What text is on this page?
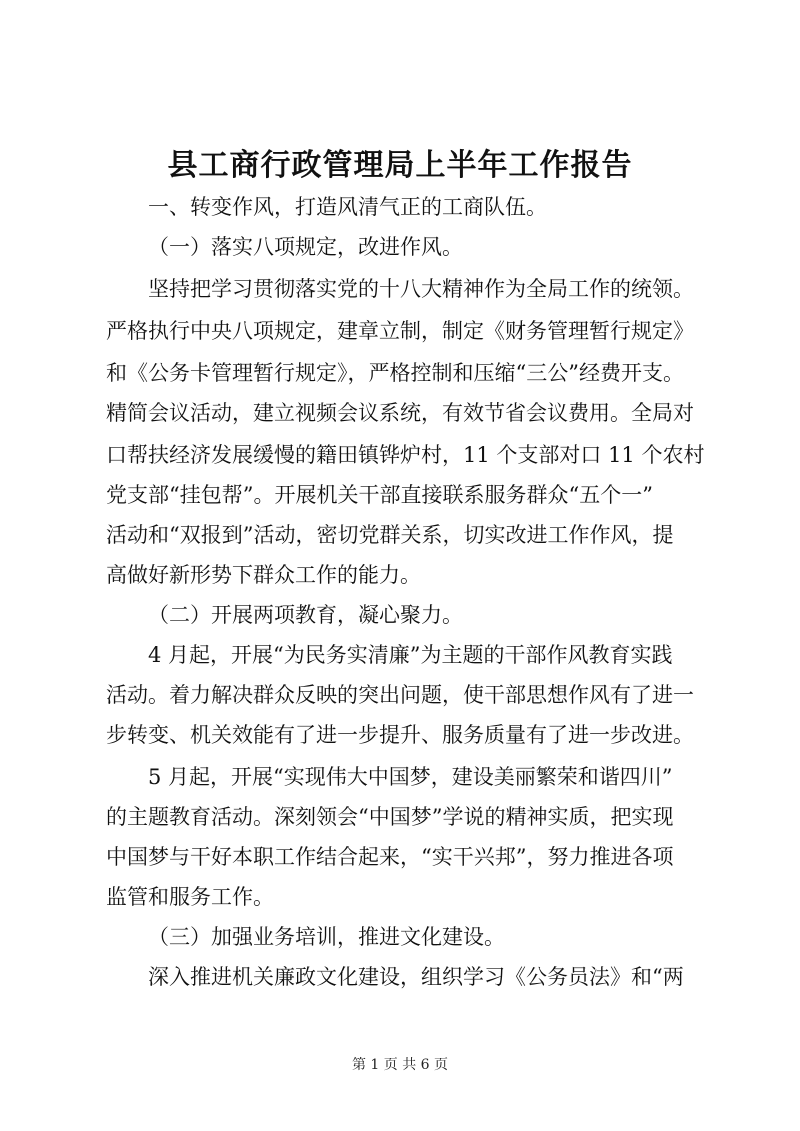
县工商行政管理局上半年工作报告
一、转变作风，打造风清气正的工商队伍。
（一）落实八项规定，改进作风。
坚持把学习贯彻落实党的十八大精神作为全局工作的统领。
严格执行中央八项规定，建章立制，制定《财务管理暂行规定》
和《公务卡管理暂行规定》，严格控制和压缩“三公”经费开支。
精简会议活动，建立视频会议系统，有效节省会议费用。全局对
口帮扶经济发展缓慢的籍田镇铧炉村，11 个支部对口 11 个农村
党支部“挂包帮”。开展机关干部直接联系服务群众“五个一”
活动和“双报到”活动，密切党群关系，切实改进工作作风，提
高做好新形势下群众工作的能力。
（二）开展两项教育，凝心聚力。
4 月起，开展“为民务实清廉”为主题的干部作风教育实践
活动。着力解决群众反映的突出问题，使干部思想作风有了进一
步转变、机关效能有了进一步提升、服务质量有了进一步改进。
5 月起，开展“实现伟大中国梦，建设美丽繁荣和谐四川”
的主题教育活动。深刻领会“中国梦”学说的精神实质，把实现
中国梦与干好本职工作结合起来，“实干兴邦”，努力推进各项
监管和服务工作。
（三）加强业务培训，推进文化建设。
深入推进机关廉政文化建设，组织学习《公务员法》和“两
第 1 页 共 6 页
